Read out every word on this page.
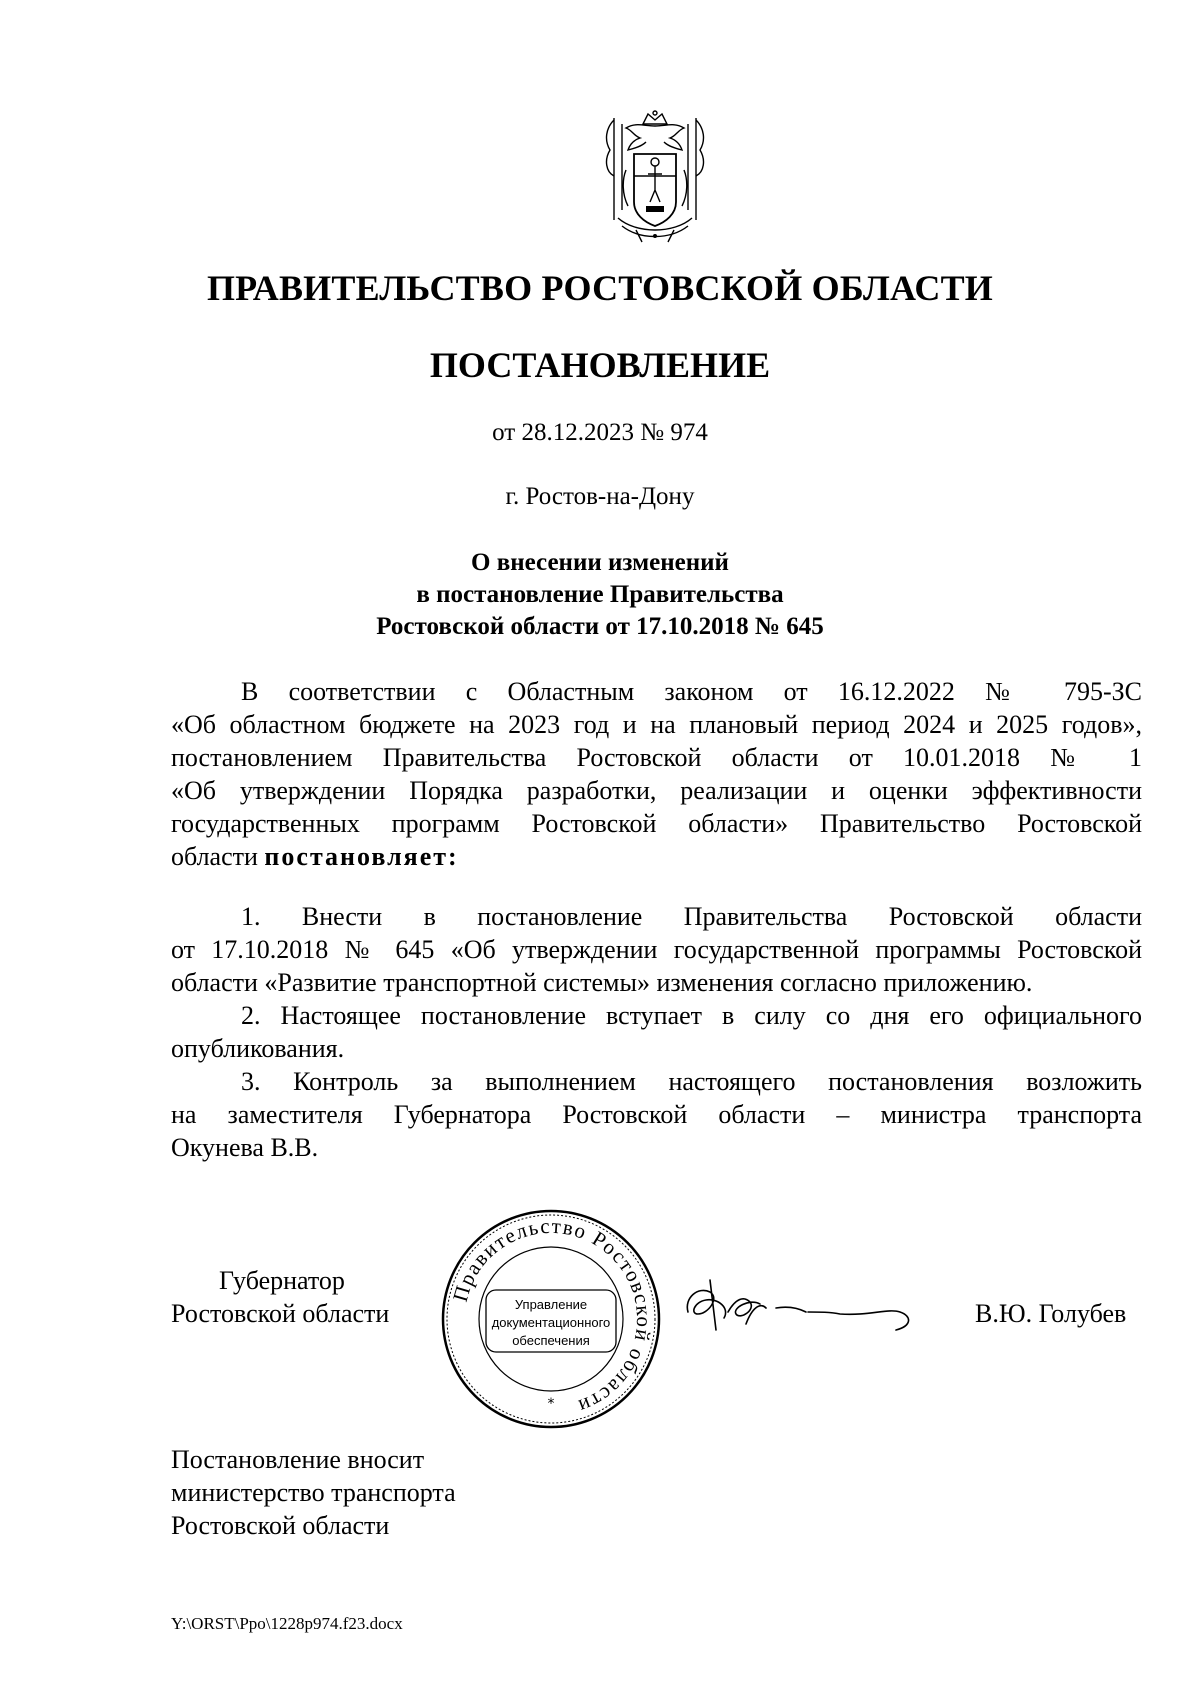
ПРАВИТЕЛЬСТВО РОСТОВСКОЙ ОБЛАСТИ
ПОСТАНОВЛЕНИЕ
от 28.12.2023 № 974
г. Ростов-на-Дону
О внесении изменений
в постановление Правительства
Ростовской области от 17.10.2018 № 645
В соответствии с Областным законом от 16.12.2022 № 795-ЗС
«Об областном бюджете на 2023 год и на плановый период 2024 и 2025 годов»,
постановлением Правительства Ростовской области от 10.01.2018 № 1
«Об утверждении Порядка разработки, реализации и оценки эффективности
государственных программ Ростовской области» Правительство Ростовской
области постановляет:
1. Внести в постановление Правительства Ростовской области
от 17.10.2018 № 645 «Об утверждении государственной программы Ростовской
области «Развитие транспортной системы» изменения согласно приложению.
2. Настоящее постановление вступает в силу со дня его официального
опубликования.
3. Контроль за выполнением настоящего постановления возложить
на заместителя Губернатора Ростовской области – министра транспорта
Окунева В.В.
Губернатор
Ростовской области
Правительство Ростовской области
*
Управление
документационного
обеспечения
В.Ю. Голубев
Постановление вносит
министерство транспорта
Ростовской области
Y:\ORST\Ppo\1228p974.f23.docx
